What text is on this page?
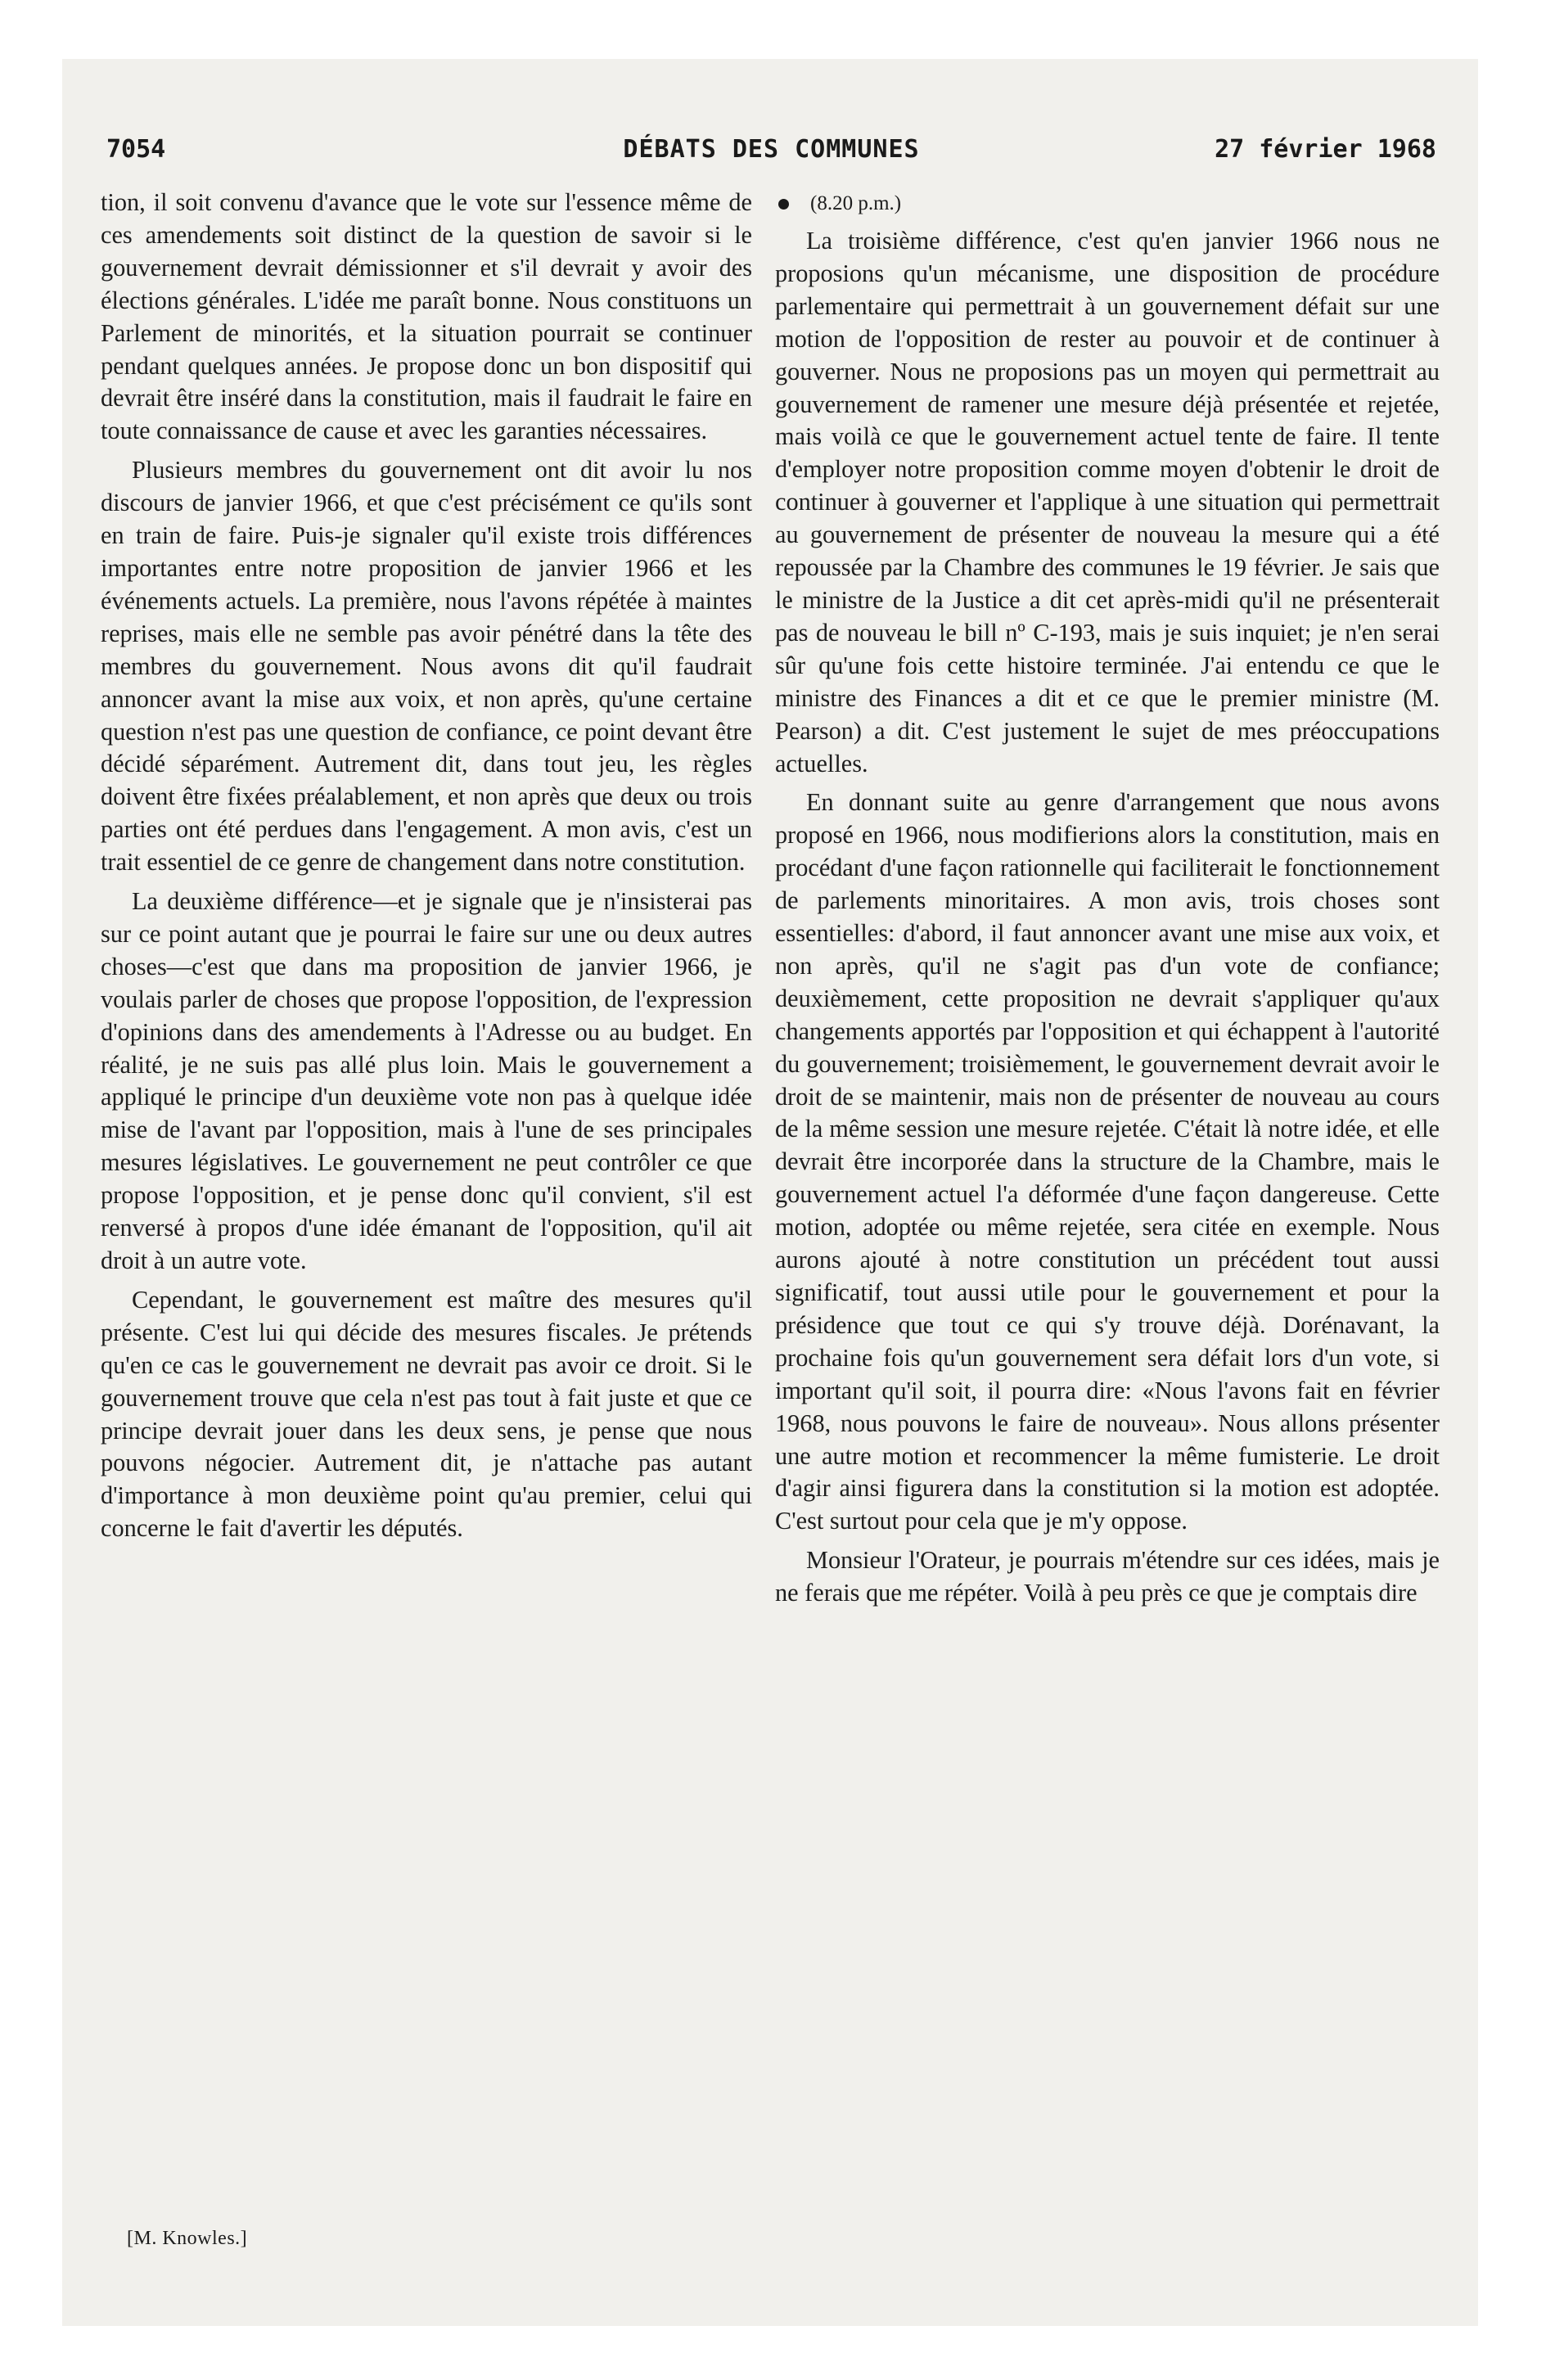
7054	DÉBATS DES COMMUNES	27 février 1968

tion, il soit convenu d'avance que le vote sur l'essence même de ces amendements soit distinct de la question de savoir si le gouvernement devrait démissionner et s'il devrait y avoir des élections générales. L'idée me paraît bonne. Nous constituons un Parlement de minorités, et la situation pourrait se continuer pendant quelques années. Je propose donc un bon dispositif qui devrait être inséré dans la constitution, mais il faudrait le faire en toute connaissance de cause et avec les garanties nécessaires.

Plusieurs membres du gouvernement ont dit avoir lu nos discours de janvier 1966, et que c'est précisément ce qu'ils sont en train de faire. Puis-je signaler qu'il existe trois différences importantes entre notre proposition de janvier 1966 et les événements actuels. La première, nous l'avons répétée à maintes reprises, mais elle ne semble pas avoir pénétré dans la tête des membres du gouvernement. Nous avons dit qu'il faudrait annoncer avant la mise aux voix, et non après, qu'une certaine question n'est pas une question de confiance, ce point devant être décidé séparément. Autrement dit, dans tout jeu, les règles doivent être fixées préalablement, et non après que deux ou trois parties ont été perdues dans l'engagement. A mon avis, c'est un trait essentiel de ce genre de changement dans notre constitution.

La deuxième différence—et je signale que je n'insisterai pas sur ce point autant que je pourrai le faire sur une ou deux autres choses—c'est que dans ma proposition de janvier 1966, je voulais parler de choses que propose l'opposition, de l'expression d'opinions dans des amendements à l'Adresse ou au budget. En réalité, je ne suis pas allé plus loin. Mais le gouvernement a appliqué le principe d'un deuxième vote non pas à quelque idée mise de l'avant par l'opposition, mais à l'une de ses principales mesures législatives. Le gouvernement ne peut contrôler ce que propose l'opposition, et je pense donc qu'il convient, s'il est renversé à propos d'une idée émanant de l'opposition, qu'il ait droit à un autre vote.

Cependant, le gouvernement est maître des mesures qu'il présente. C'est lui qui décide des mesures fiscales. Je prétends qu'en ce cas le gouvernement ne devrait pas avoir ce droit. Si le gouvernement trouve que cela n'est pas tout à fait juste et que ce principe devrait jouer dans les deux sens, je pense que nous pouvons négocier. Autrement dit, je n'attache pas autant d'importance à mon deuxième point qu'au premier, celui qui concerne le fait d'avertir les députés.

[M. Knowles.]
(8.20 p.m.)

La troisième différence, c'est qu'en janvier 1966 nous ne proposions qu'un mécanisme, une disposition de procédure parlementaire qui permettrait à un gouvernement défait sur une motion de l'opposition de rester au pouvoir et de continuer à gouverner. Nous ne proposions pas un moyen qui permettrait au gouvernement de ramener une mesure déjà présentée et rejetée, mais voilà ce que le gouvernement actuel tente de faire. Il tente d'employer notre proposition comme moyen d'obtenir le droit de continuer à gouverner et l'applique à une situation qui permettrait au gouvernement de présenter de nouveau la mesure qui a été repoussée par la Chambre des communes le 19 février. Je sais que le ministre de la Justice a dit cet après-midi qu'il ne présenterait pas de nouveau le bill nº C-193, mais je suis inquiet; je n'en serai sûr qu'une fois cette histoire terminée. J'ai entendu ce que le ministre des Finances a dit et ce que le premier ministre (M. Pearson) a dit. C'est justement le sujet de mes préoccupations actuelles.

En donnant suite au genre d'arrangement que nous avons proposé en 1966, nous modifierions alors la constitution, mais en procédant d'une façon rationnelle qui faciliterait le fonctionnement de parlements minoritaires. A mon avis, trois choses sont essentielles: d'abord, il faut annoncer avant une mise aux voix, et non après, qu'il ne s'agit pas d'un vote de confiance; deuxièmement, cette proposition ne devrait s'appliquer qu'aux changements apportés par l'opposition et qui échappent à l'autorité du gouvernement; troisièmement, le gouvernement devrait avoir le droit de se maintenir, mais non de présenter de nouveau au cours de la même session une mesure rejetée. C'était là notre idée, et elle devrait être incorporée dans la structure de la Chambre, mais le gouvernement actuel l'a déformée d'une façon dangereuse. Cette motion, adoptée ou même rejetée, sera citée en exemple. Nous aurons ajouté à notre constitution un précédent tout aussi significatif, tout aussi utile pour le gouvernement et pour la présidence que tout ce qui s'y trouve déjà. Dorénavant, la prochaine fois qu'un gouvernement sera défait lors d'un vote, si important qu'il soit, il pourra dire: «Nous l'avons fait en février 1968, nous pouvons le faire de nouveau». Nous allons présenter une autre motion et recommencer la même fumisterie. Le droit d'agir ainsi figurera dans la constitution si la motion est adoptée. C'est surtout pour cela que je m'y oppose.

Monsieur l'Orateur, je pourrais m'étendre sur ces idées, mais je ne ferais que me répéter. Voilà à peu près ce que je comptais dire
